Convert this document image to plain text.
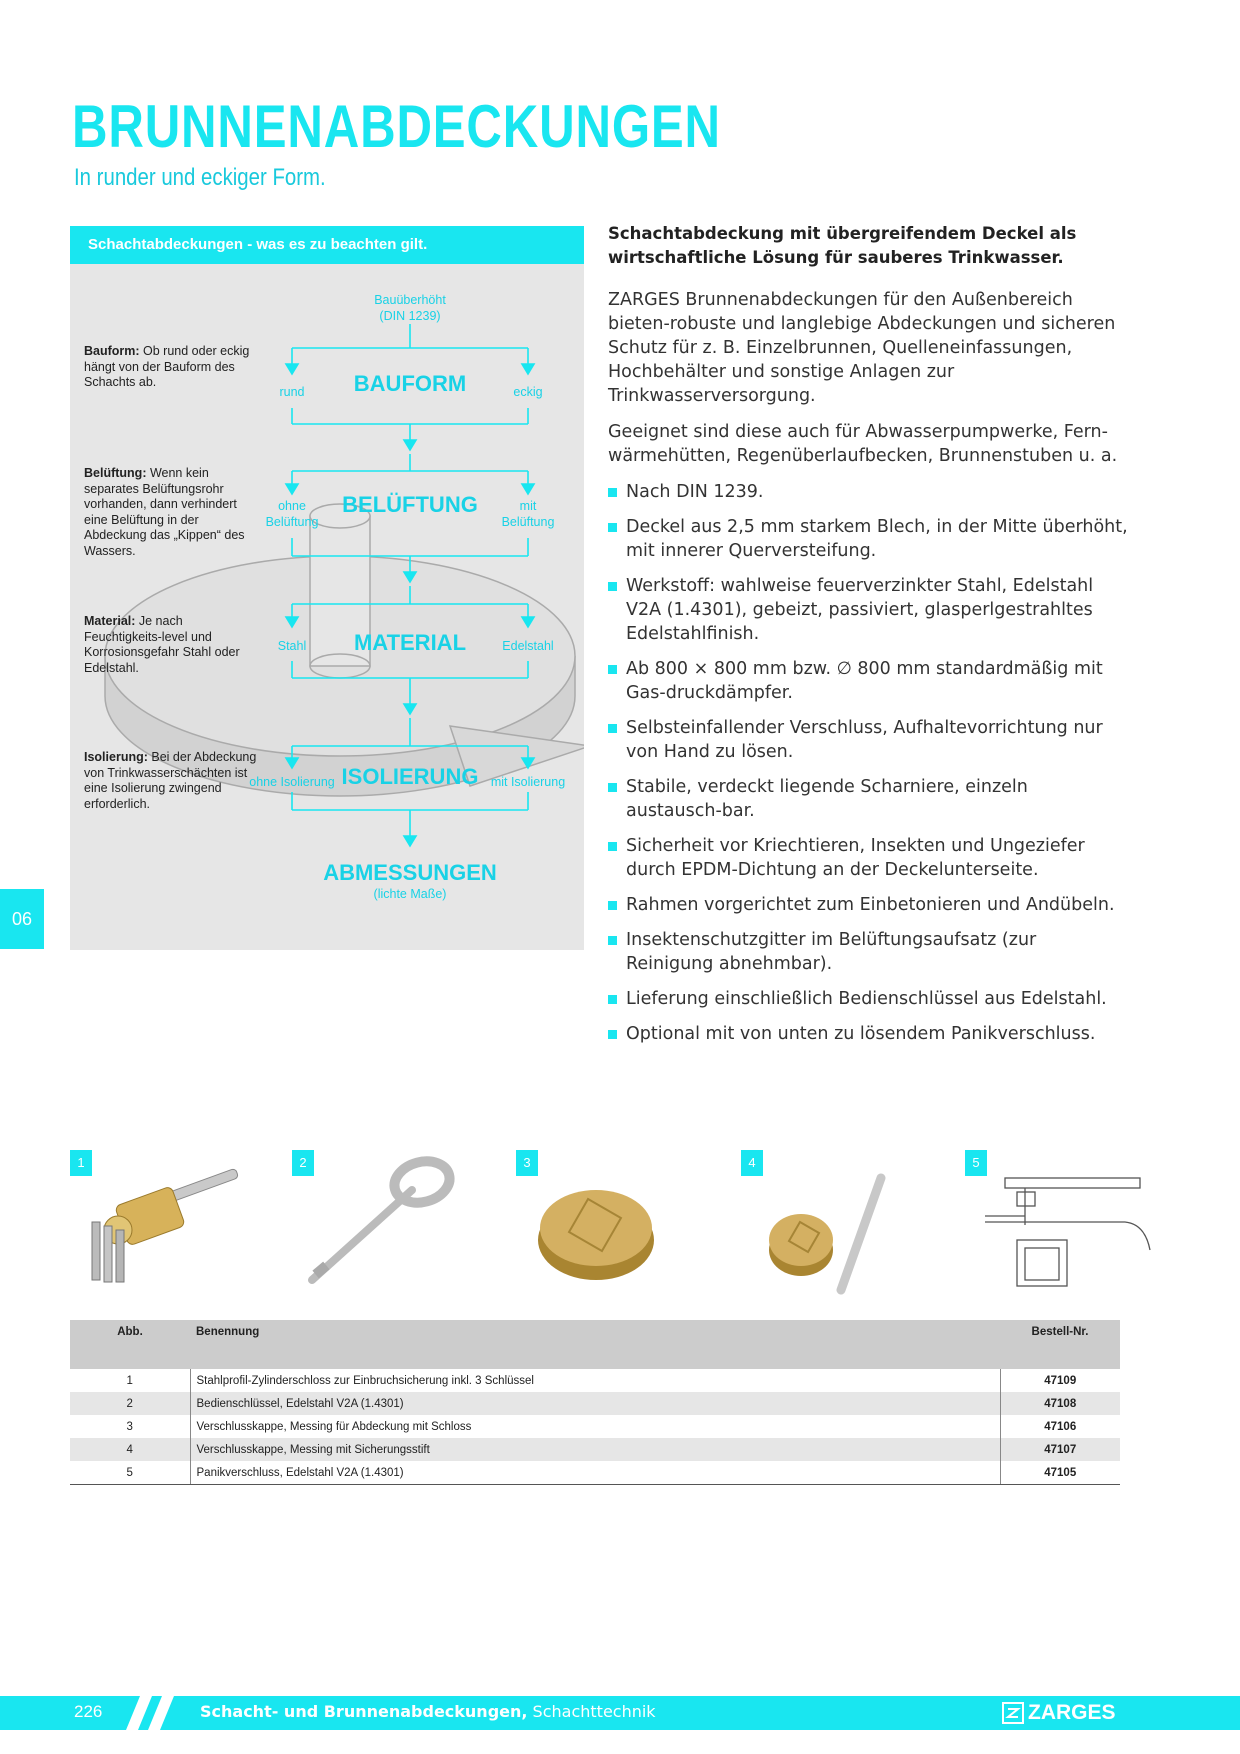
BRUNNENABDECKUNGEN
In runder und eckiger Form.
06
Bauüberhöht
(DIN 1239)
BAUFORM
rund	eckig
BELÜFTUNG
ohne
Belüftung
mit
Belüftung
MATERIAL
Stahl	Edelstahl
ISOLIERUNG
ohne Isolierung	mit Isolierung
ABMESSUNGEN
(lichte Maße)
Schachtabdeckungen - was es zu beachten gilt.
Bauform: Ob rund oder eckig hängt von der Bauform des Schachts ab.
Belüftung: Wenn kein separates Belüftungsrohr vorhanden, dann verhindert eine Belüftung in der Abdeckung das „Kippen“ des Wassers.
Material: Je nach Feuchtigkeits-level und Korrosionsgefahr Stahl oder Edelstahl.
Isolierung: Bei der Abdeckung von Trinkwasserschächten ist eine Isolierung zwingend erforderlich.
Schachtabdeckung mit übergreifendem Deckel als wirtschaftliche Lösung für sauberes Trinkwasser.

ZARGES Brunnenabdeckungen für den Außenbereich bieten-robuste und langlebige Abdeckungen und sicheren Schutz für z. B. Einzelbrunnen, Quelleneinfassungen, Hochbehälter und sonstige Anlagen zur Trinkwasserversorgung.

Geeignet sind diese auch für Abwasserpumpwerke, Fern-wärmehütten, Regenüberlaufbecken, Brunnenstuben u. a.

Nach DIN 1239.
Deckel aus 2,5 mm starkem Blech, in der Mitte überhöht, mit innerer Querversteifung.
Werkstoff: wahlweise feuerverzinkter Stahl, Edelstahl V2A (1.4301), gebeizt, passiviert, glasperlgestrahltes Edelstahlfinish.
Ab 800 × 800 mm bzw. ∅ 800 mm standardmäßig mit Gas-druckdämpfer.
Selbsteinfallender Verschluss, Aufhaltevorrichtung nur von Hand zu lösen.
Stabile, verdeckt liegende Scharniere, einzeln austausch-bar.
Sicherheit vor Kriechtieren, Insekten und Ungeziefer durch EPDM-Dichtung an der Deckelunterseite.
Rahmen vorgerichtet zum Einbetonieren und Andübeln.
Insektenschutzgitter im Belüftungsaufsatz (zur Reinigung abnehmbar).
Lieferung einschließlich Bedienschlüssel aus Edelstahl.
Optional mit von unten zu lösendem Panikverschluss.
1	2	3	4	5
Abb.	Benennung	Bestell-Nr.
1	Stahlprofil-Zylinderschloss zur Einbruchsicherung inkl. 3 Schlüssel	47109
2	Bedienschlüssel, Edelstahl V2A (1.4301)	47108
3	Verschlusskappe, Messing für Abdeckung mit Schloss	47106
4	Verschlusskappe, Messing mit Sicherungsstift	47107
5	Panikverschluss, Edelstahl V2A (1.4301)	47105
226	Schacht- und Brunnenabdeckungen, Schachttechnik	ZARGES
